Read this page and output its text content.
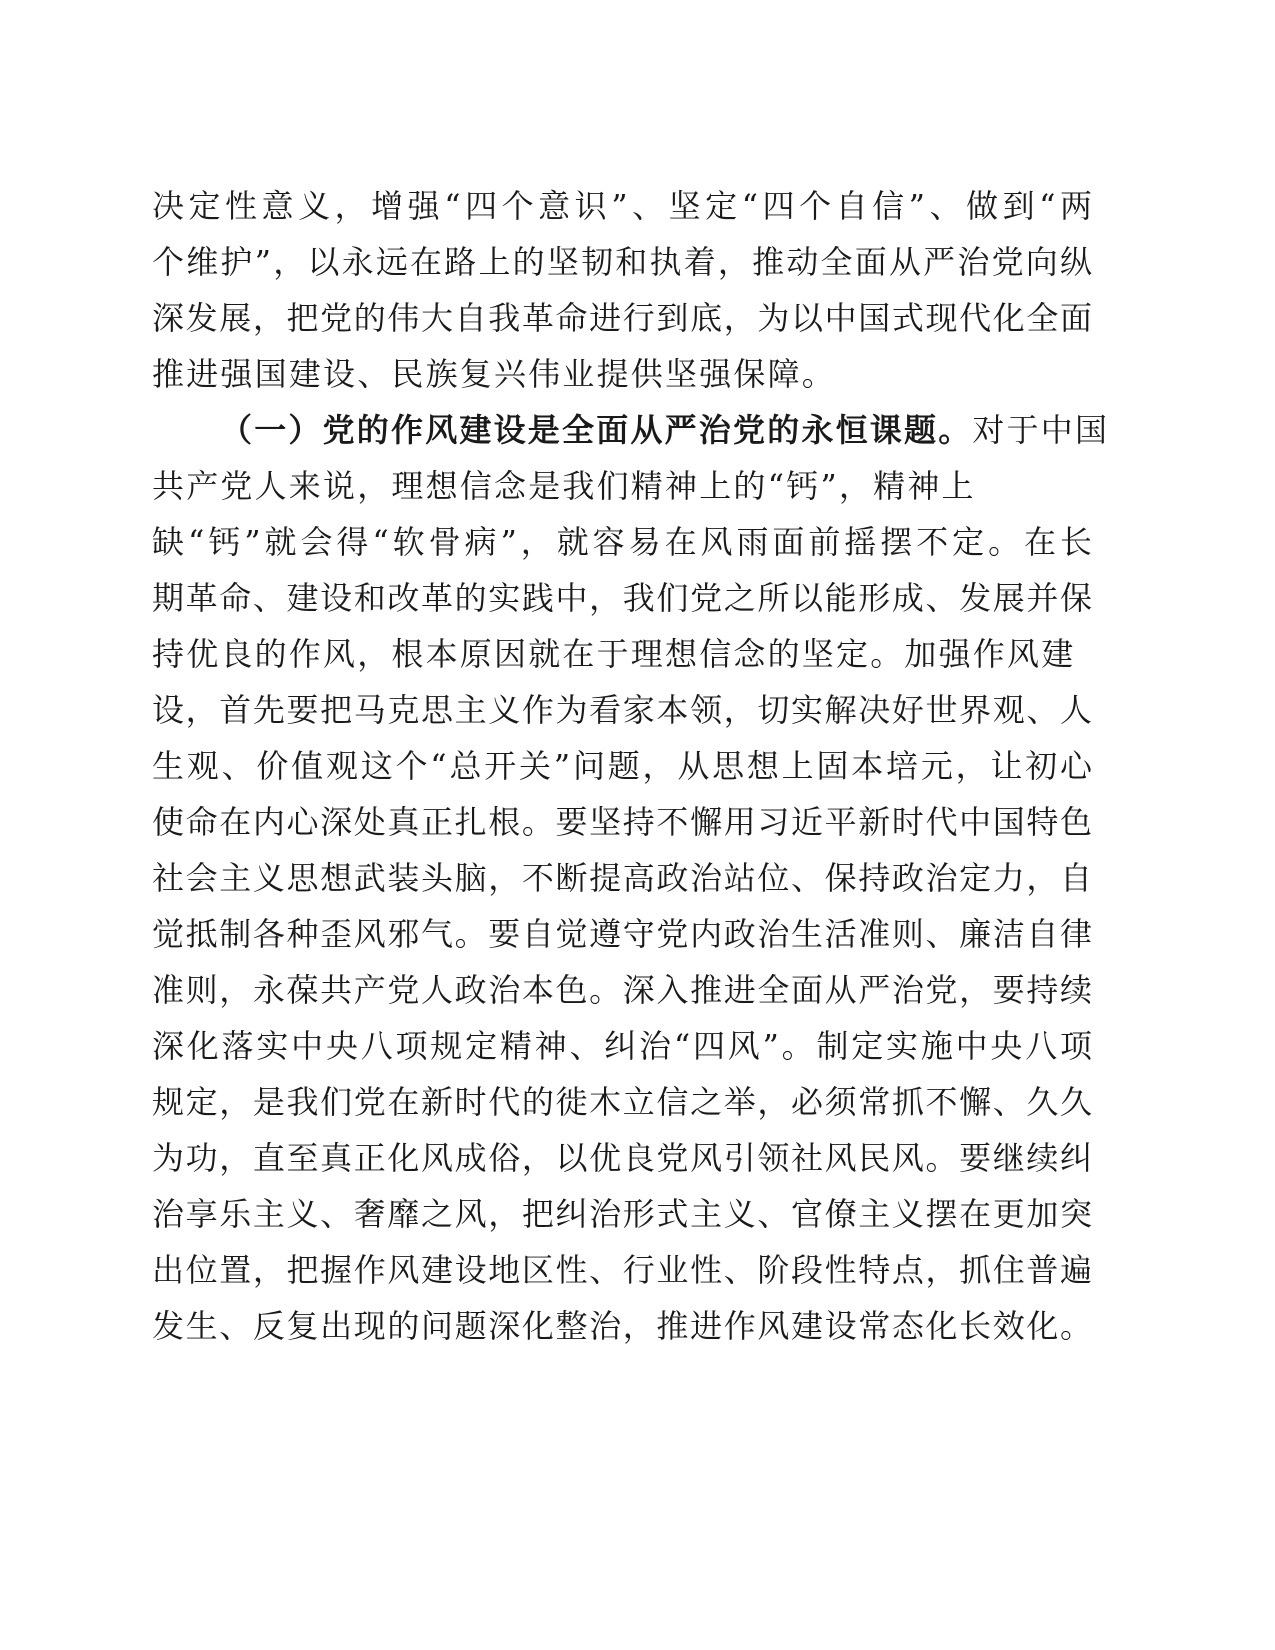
决定性意义，增强“四个意识”、坚定“四个自信”、做到“两
个维护”，以永远在路上的坚韧和执着，推动全面从严治党向纵
深发展，把党的伟大自我革命进行到底，为以中国式现代化全面
推进强国建设、民族复兴伟业提供坚强保障。
（一）党的作风建设是全面从严治党的永恒课题。对于中国
共产党人来说，理想信念是我们精神上的“钙”，精神上
缺“钙”就会得“软骨病”，就容易在风雨面前摇摆不定。在长
期革命、建设和改革的实践中，我们党之所以能形成、发展并保
持优良的作风，根本原因就在于理想信念的坚定。加强作风建
设，首先要把马克思主义作为看家本领，切实解决好世界观、人
生观、价值观这个“总开关”问题，从思想上固本培元，让初心
使命在内心深处真正扎根。要坚持不懈用习近平新时代中国特色
社会主义思想武装头脑，不断提高政治站位、保持政治定力，自
觉抵制各种歪风邪气。要自觉遵守党内政治生活准则、廉洁自律
准则，永葆共产党人政治本色。深入推进全面从严治党，要持续
深化落实中央八项规定精神、纠治“四风”。制定实施中央八项
规定，是我们党在新时代的徙木立信之举，必须常抓不懈、久久
为功，直至真正化风成俗，以优良党风引领社风民风。要继续纠
治享乐主义、奢靡之风，把纠治形式主义、官僚主义摆在更加突
出位置，把握作风建设地区性、行业性、阶段性特点，抓住普遍
发生、反复出现的问题深化整治，推进作风建设常态化长效化。
